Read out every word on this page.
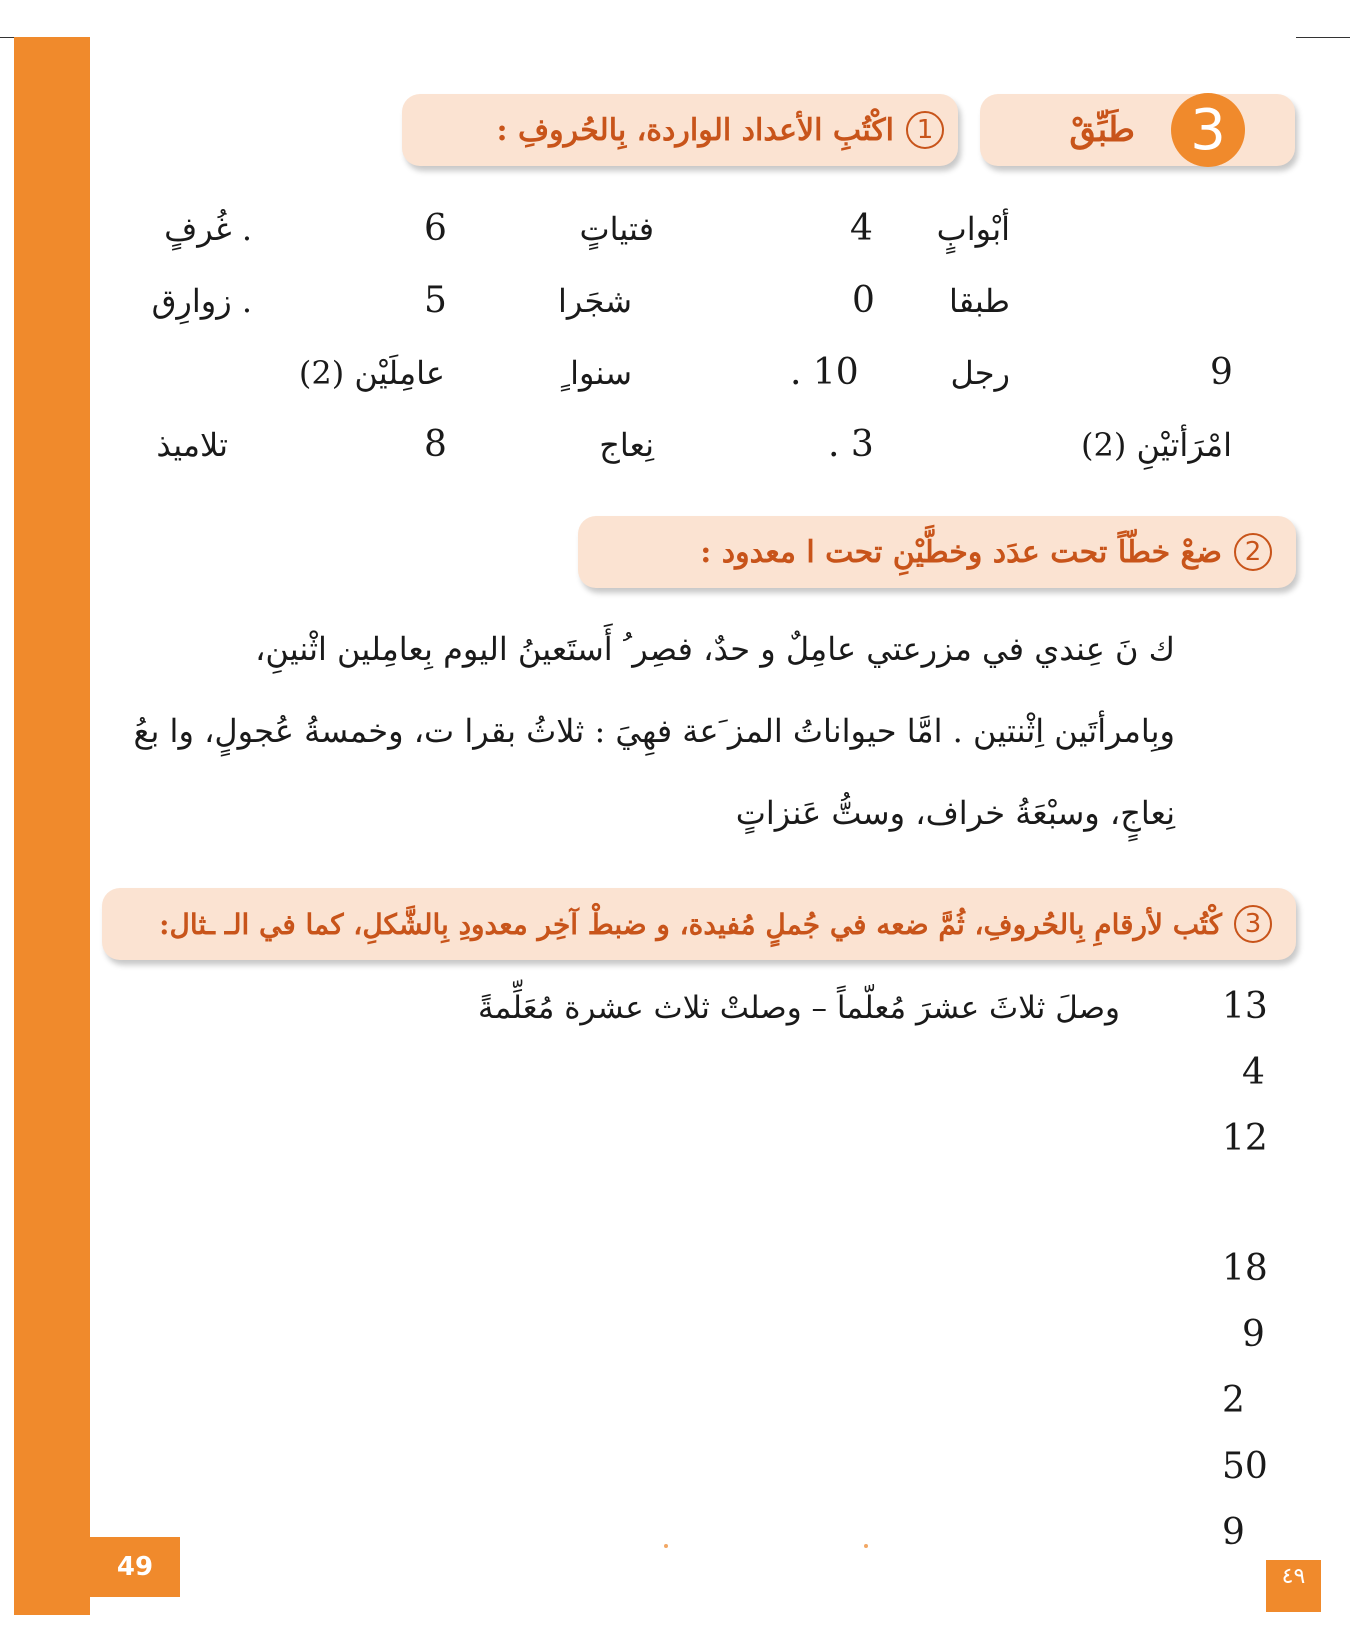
3
طَبِّقْ
1
اكْتُبِ الأعداد الواردة، بِالحُروفِ :
أبْوابٍ
4
فتياتٍ
6
. غُرفٍ
طبقا
0
شجَرا
5
. زوارِق
9
رجل
. 10
سنوا ٍ
عامِلَيْن (2)
امْرَأتيْنِ (2)
. 3
نِعاج
8
تلاميذ
2
ضعْ خطّاً تحت عدَد وخطَّيْنِ تحت ا معدود :
ك نَ عِندي في مزرعتي عامِلٌ و حدٌ، فصِر ُ أَستَعينُ اليوم بِعامِلين اثْنينِ،
وبِامرأتَين اِثْنتين . امَّا حيواناتُ المز َعة فهِيَ : ثلاثُ بقرا ت، وخمسةُ عُجولٍ، وا بعُ
نِعاجٍ، وسبْعَةُ خراف، وستُّ عَنزاتٍ
3
كْتُب لأرقامِ بِالحُروفِ، ثُمَّ ضعه في جُملٍ مُفيدة، و ضبطْ آخِر معدودِ بِالشَّكلِ، كما في الـ ـثال:
وصلَ ثلاثَ عشرَ مُعلّماً – وصلتْ ثلاث عشرة مُعَلِّمةً	13
4
12
18
9
2
50
9
49	٤٩
